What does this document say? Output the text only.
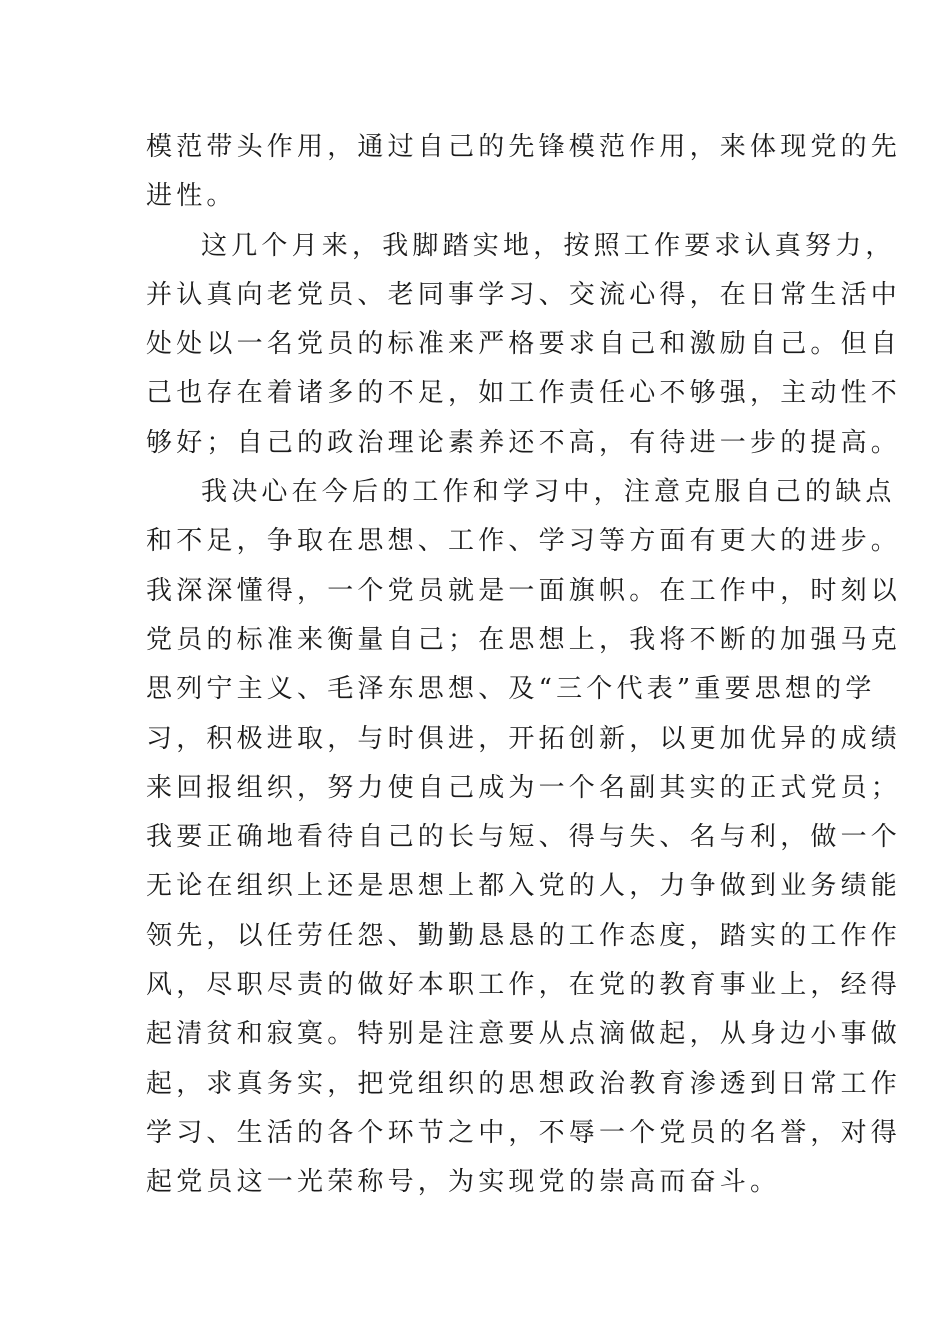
模范带头作用，通过自己的先锋模范作用，来体现党的先
进性。
这几个月来，我脚踏实地，按照工作要求认真努力，
并认真向老党员、老同事学习、交流心得，在日常生活中
处处以一名党员的标准来严格要求自己和激励自己。但自
己也存在着诸多的不足，如工作责任心不够强，主动性不
够好；自己的政治理论素养还不高，有待进一步的提高。
我决心在今后的工作和学习中，注意克服自己的缺点
和不足，争取在思想、工作、学习等方面有更大的进步。
我深深懂得，一个党员就是一面旗帜。在工作中，时刻以
党员的标准来衡量自己；在思想上，我将不断的加强马克
思列宁主义、毛泽东思想、及“三个代表”重要思想的学
习，积极进取，与时俱进，开拓创新，以更加优异的成绩
来回报组织，努力使自己成为一个名副其实的正式党员；
我要正确地看待自己的长与短、得与失、名与利，做一个
无论在组织上还是思想上都入党的人，力争做到业务绩能
领先，以任劳任怨、勤勤恳恳的工作态度，踏实的工作作
风，尽职尽责的做好本职工作，在党的教育事业上，经得
起清贫和寂寞。特别是注意要从点滴做起，从身边小事做
起，求真务实，把党组织的思想政治教育渗透到日常工作
学习、生活的各个环节之中，不辱一个党员的名誉，对得
起党员这一光荣称号，为实现党的崇高而奋斗。
